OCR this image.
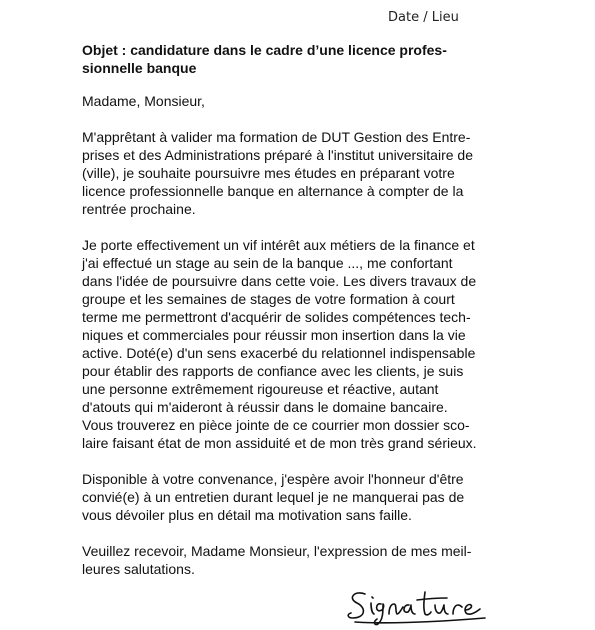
Date / Lieu
Objet : candidature dans le cadre d’une licence profes-
sionnelle banque
Madame, Monsieur,
M'apprêtant à valider ma formation de DUT Gestion des Entre-
prises et des Administrations préparé à l'institut universitaire de
(ville), je souhaite poursuivre mes études en préparant votre
licence professionnelle banque en alternance à compter de la
rentrée prochaine.
Je porte effectivement un vif intérêt aux métiers de la finance et
j'ai effectué un stage au sein de la banque ..., me confortant
dans l'idée de poursuivre dans cette voie. Les divers travaux de
groupe et les semaines de stages de votre formation à court
terme me permettront d'acquérir de solides compétences tech-
niques et commerciales pour réussir mon insertion dans la vie
active. Doté(e) d'un sens exacerbé du relationnel indispensable
pour établir des rapports de confiance avec les clients, je suis
une personne extrêmement rigoureuse et réactive, autant
d'atouts qui m'aideront à réussir dans le domaine bancaire.
Vous trouverez en pièce jointe de ce courrier mon dossier sco-
laire faisant état de mon assiduité et de mon très grand sérieux.
Disponible à votre convenance, j'espère avoir l'honneur d'être
convié(e) à un entretien durant lequel je ne manquerai pas de
vous dévoiler plus en détail ma motivation sans faille.
Veuillez recevoir, Madame Monsieur, l'expression de mes meil-
leures salutations.
